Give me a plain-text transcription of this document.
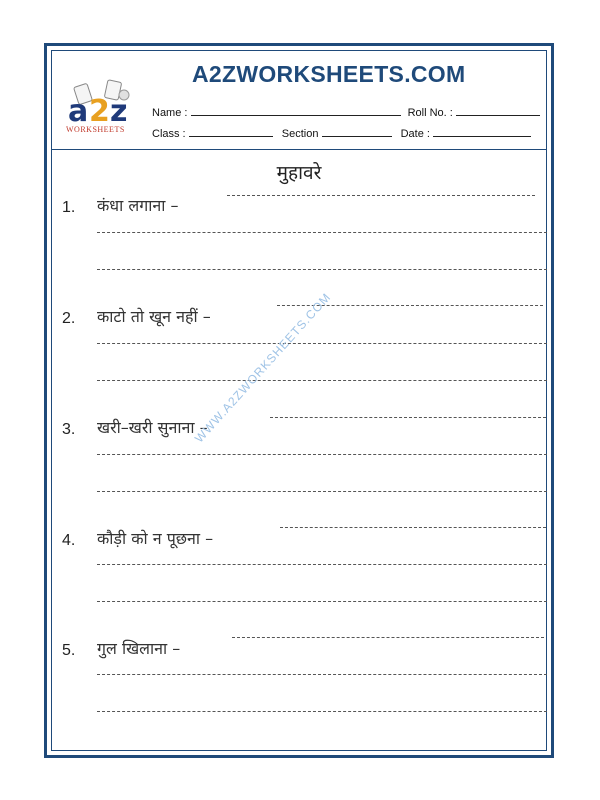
a 2 z
WORKSHEETS
A2ZWORKSHEETS.COM
Name :	Roll No. :
Class :	Section	Date :
मुहावरे
1. कंधा लगाना –
2. काटो तो खून नहीं –
3. खरी–खरी सुनाना –
4. कौड़ी को न पूछना –
5. गुल खिलाना –
WWW.A2ZWORKSHEETS.COM
